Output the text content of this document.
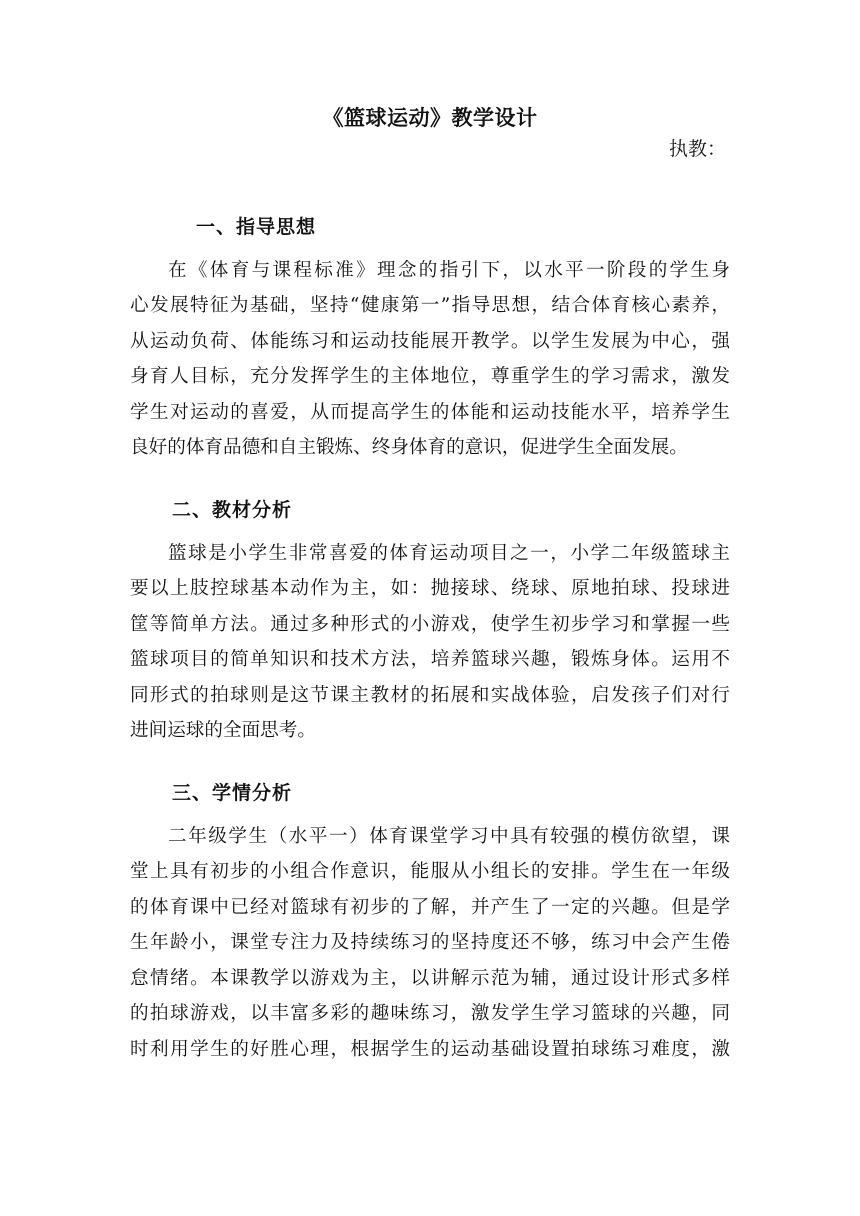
《篮球运动》教学设计
执教：
一、指导思想
在《体育与课程标准》理念的指引下，以水平一阶段的学生身
心发展特征为基础，坚持“健康第一”指导思想，结合体育核心素养，
从运动负荷、体能练习和运动技能展开教学。以学生发展为中心，强
身育人目标，充分发挥学生的主体地位，尊重学生的学习需求，激发
学生对运动的喜爱，从而提高学生的体能和运动技能水平，培养学生
良好的体育品德和自主锻炼、终身体育的意识，促进学生全面发展。
二、教材分析
篮球是小学生非常喜爱的体育运动项目之一，小学二年级篮球主
要以上肢控球基本动作为主，如：抛接球、绕球、原地拍球、投球进
筐等简单方法。通过多种形式的小游戏，使学生初步学习和掌握一些
篮球项目的简单知识和技术方法，培养篮球兴趣，锻炼身体。运用不
同形式的拍球则是这节课主教材的拓展和实战体验，启发孩子们对行
进间运球的全面思考。
三、学情分析
二年级学生（水平一）体育课堂学习中具有较强的模仿欲望，课
堂上具有初步的小组合作意识，能服从小组长的安排。学生在一年级
的体育课中已经对篮球有初步的了解，并产生了一定的兴趣。但是学
生年龄小，课堂专注力及持续练习的坚持度还不够，练习中会产生倦
怠情绪。本课教学以游戏为主，以讲解示范为辅，通过设计形式多样
的拍球游戏，以丰富多彩的趣味练习，激发学生学习篮球的兴趣，同
时利用学生的好胜心理，根据学生的运动基础设置拍球练习难度，激
